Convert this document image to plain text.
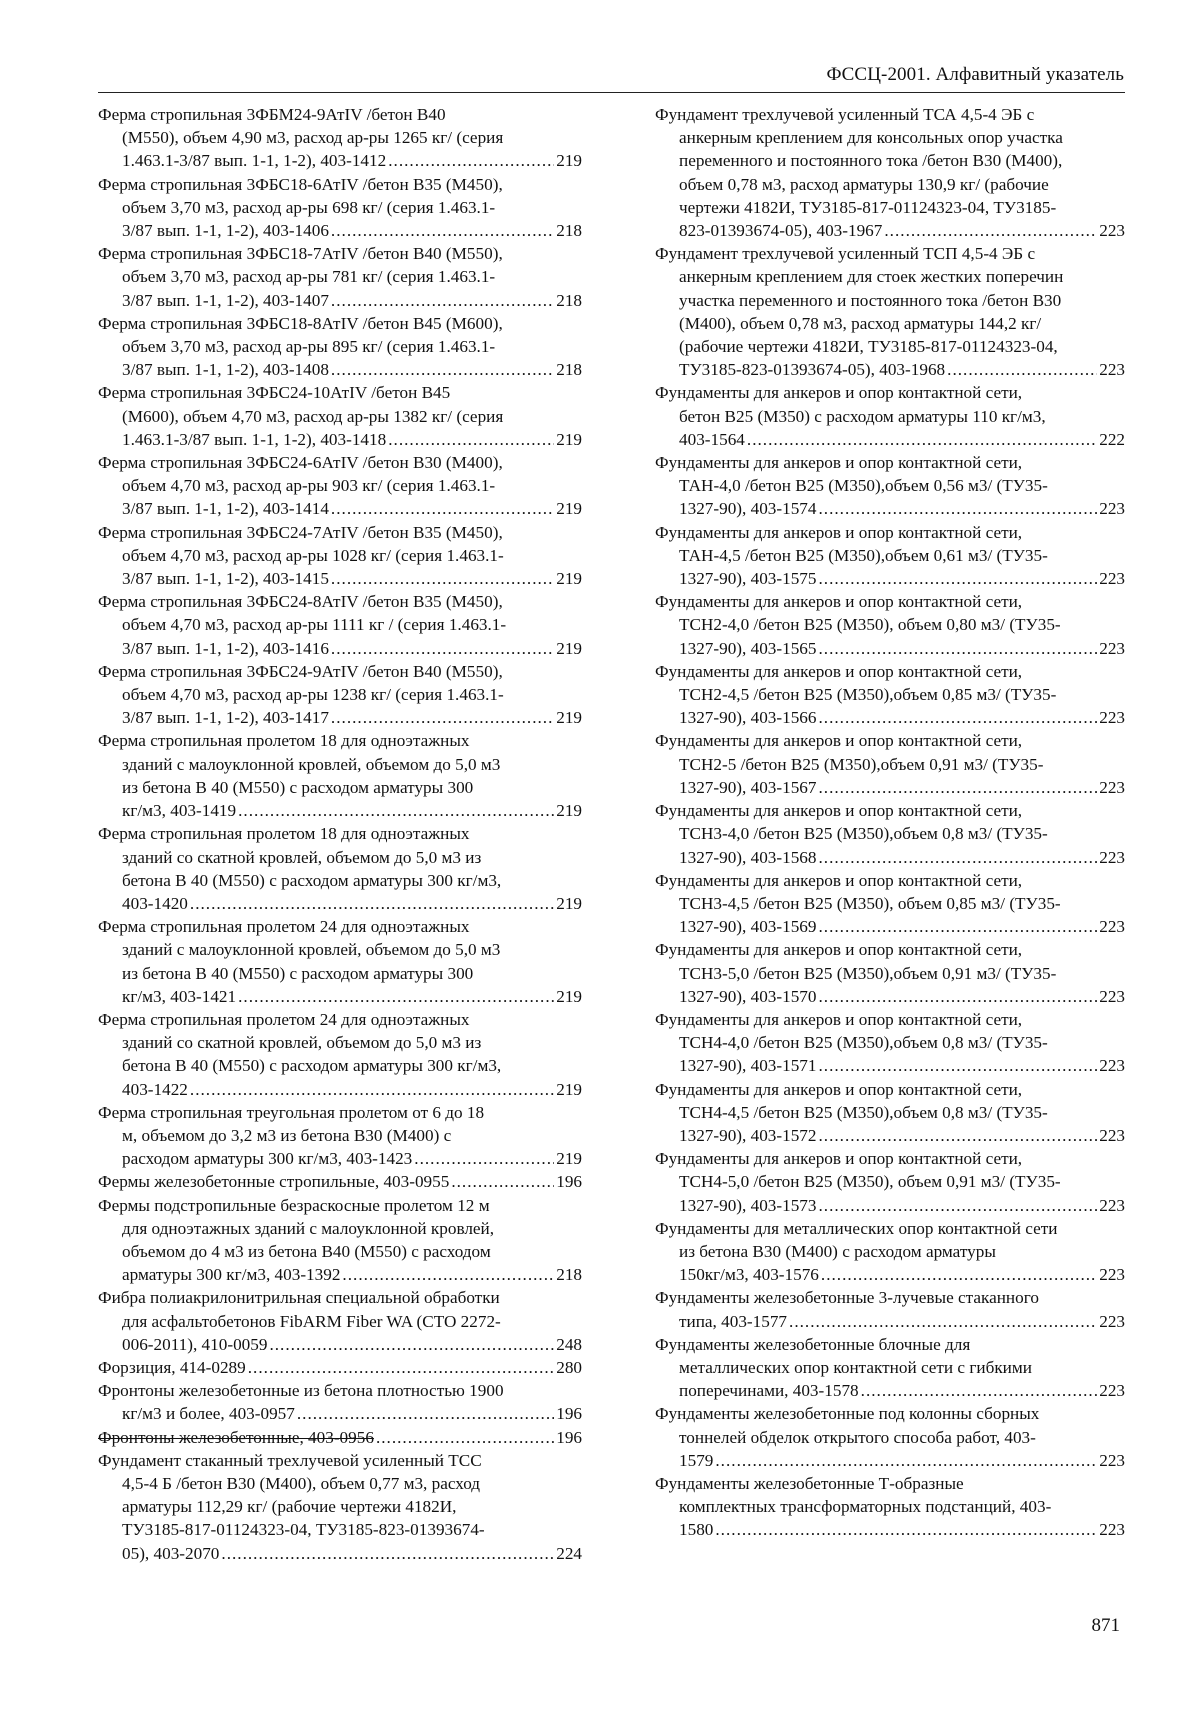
ФССЦ-2001. Алфавитный указатель
Ферма стропильная 3ФБМ24-9АтIV /бетон В40
(М550), объем 4,90 м3, расход ар-ры 1265 кг/ (серия
1.463.1-3/87 вып. 1-1, 1-2), 403-1412 .....	219
Ферма стропильная 3ФБС18-6АтIV /бетон В35 (М450),
объем 3,70 м3, расход ар-ры 698 кг/ (серия 1.463.1-
3/87 вып. 1-1, 1-2), 403-1406 .....	218
Ферма стропильная 3ФБС18-7АтIV /бетон В40 (М550),
объем 3,70 м3, расход ар-ры 781 кг/ (серия 1.463.1-
3/87 вып. 1-1, 1-2), 403-1407 .....	218
Ферма стропильная 3ФБС18-8АтIV /бетон В45 (М600),
объем 3,70 м3, расход ар-ры 895 кг/ (серия 1.463.1-
3/87 вып. 1-1, 1-2), 403-1408 .....	218
Ферма стропильная 3ФБС24-10АтIV /бетон В45
(М600), объем 4,70 м3, расход ар-ры 1382 кг/ (серия
1.463.1-3/87 вып. 1-1, 1-2), 403-1418 .....	219
Ферма стропильная 3ФБС24-6АтIV /бетон В30 (М400),
объем 4,70 м3, расход ар-ры 903 кг/ (серия 1.463.1-
3/87 вып. 1-1, 1-2), 403-1414 .....	219
Ферма стропильная 3ФБС24-7АтIV /бетон В35 (М450),
объем 4,70 м3, расход ар-ры 1028 кг/ (серия 1.463.1-
3/87 вып. 1-1, 1-2), 403-1415 .....	219
Ферма стропильная 3ФБС24-8АтIV /бетон В35 (М450),
объем 4,70 м3, расход ар-ры 1111 кг / (серия 1.463.1-
3/87 вып. 1-1, 1-2), 403-1416 .....	219
Ферма стропильная 3ФБС24-9АтIV /бетон В40 (М550),
объем 4,70 м3, расход ар-ры 1238 кг/ (серия 1.463.1-
3/87 вып. 1-1, 1-2), 403-1417 .....	219
Ферма стропильная пролетом 18 для одноэтажных
зданий с малоуклонной кровлей, объемом до 5,0 м3
из бетона В 40 (М550) с расходом арматуры 300
кг/м3, 403-1419 .....	219
Ферма стропильная пролетом 18 для одноэтажных
зданий со скатной кровлей, объемом до 5,0 м3 из
бетона В 40 (М550) с расходом арматуры 300 кг/м3,
403-1420 .....	219
Ферма стропильная пролетом 24 для одноэтажных
зданий с малоуклонной кровлей, объемом до 5,0 м3
из бетона В 40 (М550) с расходом арматуры 300
кг/м3, 403-1421 .....	219
Ферма стропильная пролетом 24 для одноэтажных
зданий со скатной кровлей, объемом до 5,0 м3 из
бетона В 40 (М550) с расходом арматуры 300 кг/м3,
403-1422 .....	219
Ферма стропильная треугольная пролетом от 6 до 18
м, объемом до 3,2 м3 из бетона В30 (М400) с
расходом арматуры 300 кг/м3, 403-1423 .....	219
Фермы железобетонные стропильные, 403-0955 .....	196
Фермы подстропильные безраскосные пролетом 12 м
для одноэтажных зданий с малоуклонной кровлей,
объемом до 4 м3 из бетона В40 (М550) с расходом
арматуры 300 кг/м3, 403-1392 .....	218
Фибра полиакрилонитрильная специальной обработки
для асфальтобетонов FibARM Fiber WA (СТО 2272-
006-2011), 410-0059 .....	248
Форзиция, 414-0289 .....	280
Фронтоны железобетонные из бетона плотностью 1900
кг/м3 и более, 403-0957 .....	196
Фронтоны железобетонные, 403-0956 .....	196
Фундамент стаканный трехлучевой усиленный ТСС
4,5-4 Б /бетон В30 (М400), объем 0,77 м3, расход
арматуры 112,29 кг/ (рабочие чертежи 4182И,
ТУ3185-817-01124323-04, ТУ3185-823-01393674-
05), 403-2070 .....	224
Фундамент трехлучевой усиленный ТСА 4,5-4 ЭБ с
анкерным креплением для консольных опор участка
переменного и постоянного тока /бетон В30 (М400),
объем 0,78 м3, расход арматуры 130,9 кг/ (рабочие
чертежи 4182И, ТУ3185-817-01124323-04, ТУ3185-
823-01393674-05), 403-1967 .....	223
Фундамент трехлучевой усиленный ТСП 4,5-4 ЭБ с
анкерным креплением для стоек жестких поперечин
участка переменного и постоянного тока /бетон В30
(М400), объем 0,78 м3, расход арматуры 144,2 кг/
(рабочие чертежи 4182И, ТУ3185-817-01124323-04,
ТУ3185-823-01393674-05), 403-1968 .....	223
Фундаменты для анкеров и опор контактной сети,
бетон В25 (М350) с расходом арматуры 110 кг/м3,
403-1564 .....	222
Фундаменты для анкеров и опор контактной сети,
ТАН-4,0 /бетон В25 (М350),объем 0,56 м3/ (ТУ35-
1327-90), 403-1574 .....	223
Фундаменты для анкеров и опор контактной сети,
ТАН-4,5 /бетон В25 (М350),объем 0,61 м3/ (ТУ35-
1327-90), 403-1575 .....	223
Фундаменты для анкеров и опор контактной сети,
ТСН2-4,0 /бетон В25 (М350), объем 0,80 м3/ (ТУ35-
1327-90), 403-1565 .....	223
Фундаменты для анкеров и опор контактной сети,
ТСН2-4,5 /бетон В25 (М350),объем 0,85 м3/ (ТУ35-
1327-90), 403-1566 .....	223
Фундаменты для анкеров и опор контактной сети,
ТСН2-5 /бетон В25 (М350),объем 0,91 м3/ (ТУ35-
1327-90), 403-1567 .....	223
Фундаменты для анкеров и опор контактной сети,
ТСН3-4,0 /бетон В25 (М350),объем 0,8 м3/ (ТУ35-
1327-90), 403-1568 .....	223
Фундаменты для анкеров и опор контактной сети,
ТСН3-4,5 /бетон В25 (М350), объем 0,85 м3/ (ТУ35-
1327-90), 403-1569 .....	223
Фундаменты для анкеров и опор контактной сети,
ТСН3-5,0 /бетон В25 (М350),объем 0,91 м3/ (ТУ35-
1327-90), 403-1570 .....	223
Фундаменты для анкеров и опор контактной сети,
ТСН4-4,0 /бетон В25 (М350),объем 0,8 м3/ (ТУ35-
1327-90), 403-1571 .....	223
Фундаменты для анкеров и опор контактной сети,
ТСН4-4,5 /бетон В25 (М350),объем 0,8 м3/ (ТУ35-
1327-90), 403-1572 .....	223
Фундаменты для анкеров и опор контактной сети,
ТСН4-5,0 /бетон В25 (М350), объем 0,91 м3/ (ТУ35-
1327-90), 403-1573 .....	223
Фундаменты для металлических опор контактной сети
из бетона В30 (М400) с расходом арматуры
150кг/м3, 403-1576 .....	223
Фундаменты железобетонные 3-лучевые стаканного
типа, 403-1577 .....	223
Фундаменты железобетонные блочные для
металлических опор контактной сети с гибкими
поперечинами, 403-1578 .....	223
Фундаменты железобетонные под колонны сборных
тоннелей обделок открытого способа работ, 403-
1579 .....	223
Фундаменты железобетонные Т-образные
комплектных трансформаторных подстанций, 403-
1580 .....	223
871
